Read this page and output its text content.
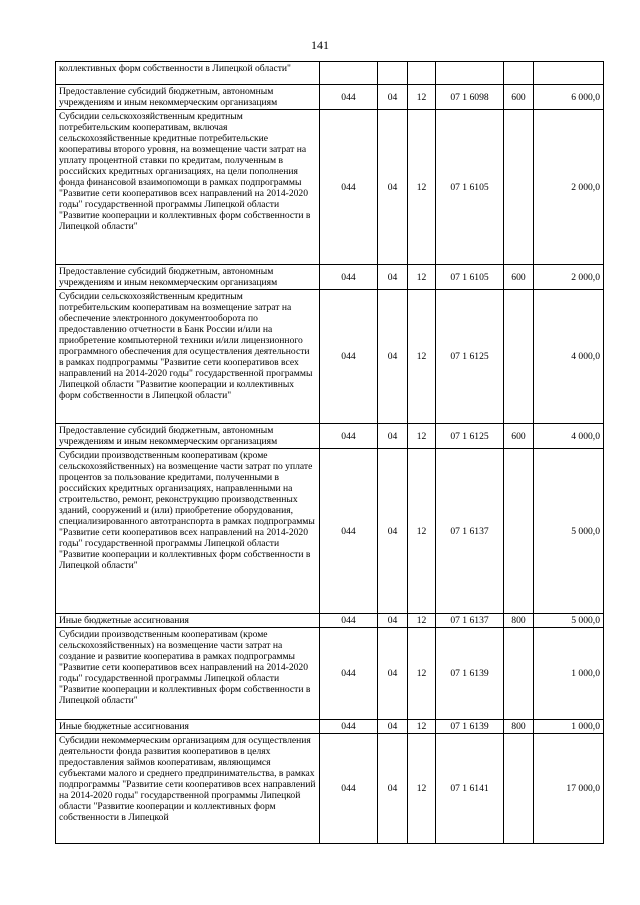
141
коллективных форм собственности в Липецкой области"						
Предоставление субсидий бюджетным, автономным учреждениям и иным некоммерческим организациям	044	04	12	07 1 6098	600	6 000,0
Субсидии сельскохозяйственным кредитным потребительским кооперативам, включая сельскохозяйственные кредитные потребительские кооперативы второго уровня, на возмещение части затрат на уплату процентной ставки по кредитам, полученным в российских кредитных организациях, на цели пополнения фонда финансовой взаимопомощи в рамках подпрограммы "Развитие сети кооперативов всех направлений на 2014-2020 годы" государственной программы Липецкой области "Развитие кооперации и коллективных форм собственности в Липецкой области"	044	04	12	07 1 6105		2 000,0
Предоставление субсидий бюджетным, автономным учреждениям и иным некоммерческим организациям	044	04	12	07 1 6105	600	2 000,0
Субсидии сельскохозяйственным кредитным потребительским кооперативам на возмещение затрат на обеспечение электронного документооборота по предоставлению отчетности в Банк России и/или на приобретение компьютерной техники и/или лицензионного программного обеспечения для осуществления деятельности в рамках подпрограммы "Развитие сети кооперативов всех направлений на 2014-2020 годы" государственной программы Липецкой области "Развитие кооперации и коллективных форм собственности в Липецкой области"	044	04	12	07 1 6125		4 000,0
Предоставление субсидий бюджетным, автономным учреждениям и иным некоммерческим организациям	044	04	12	07 1 6125	600	4 000,0
Субсидии производственным кооперативам (кроме сельскохозяйственных) на возмещение части затрат по уплате процентов за пользование кредитами, полученными в российских кредитных организациях, направленными на строительство, ремонт, реконструкцию производственных зданий, сооружений и (или) приобретение оборудования, специализированного автотранспорта в рамках подпрограммы "Развитие сети кооперативов всех направлений на 2014-2020 годы" государственной программы Липецкой области "Развитие кооперации и коллективных форм собственности в Липецкой области"	044	04	12	07 1 6137		5 000,0
Иные бюджетные ассигнования	044	04	12	07 1 6137	800	5 000,0
Субсидии производственным кооперативам (кроме сельскохозяйственных) на возмещение части затрат на создание и развитие кооператива в рамках подпрограммы "Развитие сети кооперативов всех направлений на 2014-2020 годы" государственной программы Липецкой области "Развитие кооперации и коллективных форм собственности в Липецкой области"	044	04	12	07 1 6139		1 000,0
Иные бюджетные ассигнования	044	04	12	07 1 6139	800	1 000,0
Субсидии некоммерческим организациям для осуществления деятельности фонда развития кооперативов в целях предоставления займов кооперативам, являющимся субъектами малого и среднего предпринимательства, в рамках подпрограммы "Развитие сети кооперативов всех направлений на 2014-2020 годы" государственной программы Липецкой области "Развитие кооперации и коллективных форм собственности в Липецкой	044	04	12	07 1 6141		17 000,0
